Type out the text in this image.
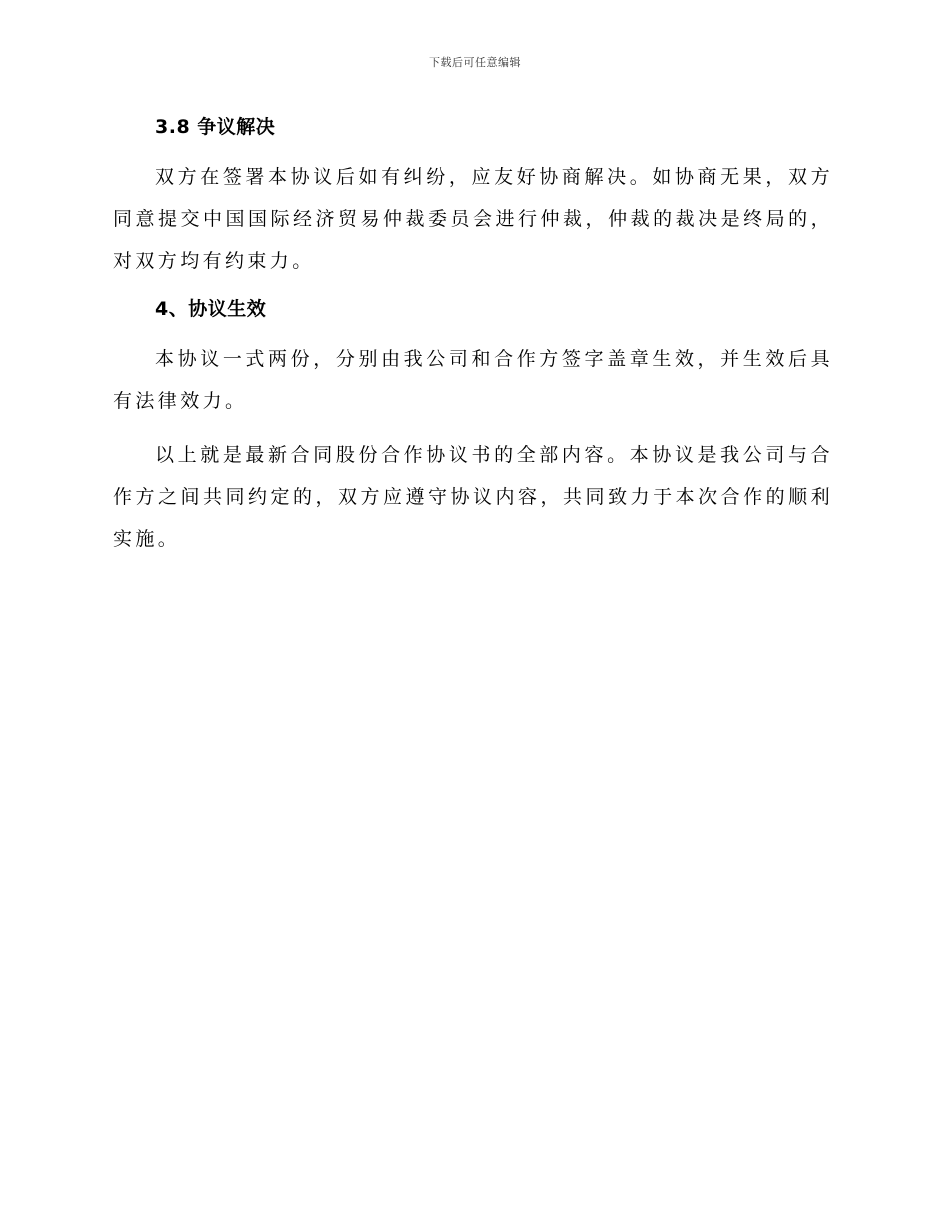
下载后可任意编辑
3.8 争议解决

双方在签署本协议后如有纠纷，应友好协商解决。如协商无果，双方同意提交中国国际经济贸易仲裁委员会进行仲裁，仲裁的裁决是终局的，对双方均有约束力。

4、协议生效

本协议一式两份，分别由我公司和合作方签字盖章生效，并生效后具有法律效力。

以上就是最新合同股份合作协议书的全部内容。本协议是我公司与合作方之间共同约定的，双方应遵守协议内容，共同致力于本次合作的顺利实施。
